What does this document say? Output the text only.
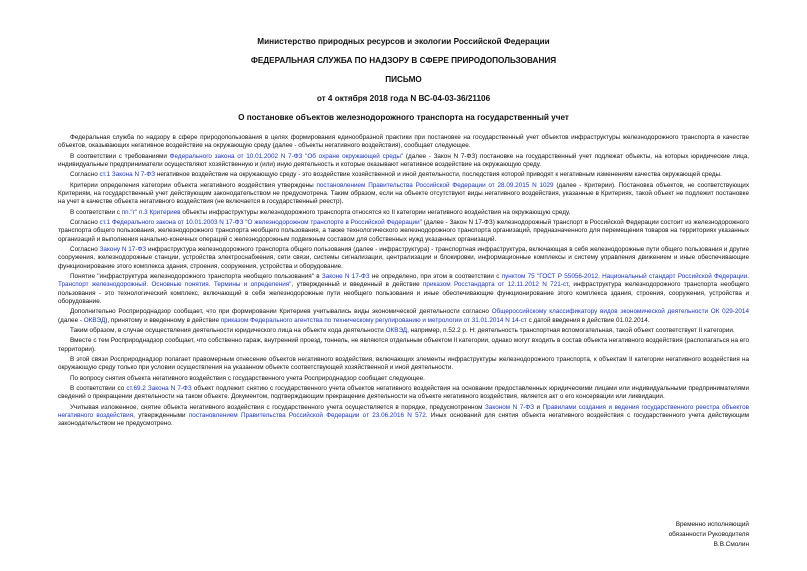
Министерство природных ресурсов и экологии Российской Федерации
ФЕДЕРАЛЬНАЯ СЛУЖБА ПО НАДЗОРУ В СФЕРЕ ПРИРОДОПОЛЬЗОВАНИЯ
ПИСЬМО
от 4 октября 2018 года N ВС-04-03-36/21106
О постановке объектов железнодорожного транспорта на государственный учет

Федеральная служба по надзору в сфере природопользования в целях формирования единообразной практики при постановке на государственный учет объектов инфраструктуры железнодорожного транспорта в качестве объектов, оказывающих негативное воздействие на окружающую среду (далее - объекты негативного воздействия), сообщает следующее.

В соответствии с требованиями Федерального закона от 10.01.2002 N 7-ФЗ "Об охране окружающей среды" (далее - Закон N 7-ФЗ) постановке на государственный учет подлежат объекты, на которых юридические лица, индивидуальные предприниматели осуществляют хозяйственную и (или) иную деятельность и которые оказывают негативное воздействие на окружающую среду.

Согласно ст.1 Закона N 7-ФЗ негативное воздействие на окружающую среду - это воздействие хозяйственной и иной деятельности, последствия которой приводят к негативным изменениям качества окружающей среды.

Критерии определения категории объекта негативного воздействия утверждены постановлением Правительства Российской Федерации от 28.09.2015 N 1029 (далее - Критерии). Постановка объектов, не соответствующих Критериям, на государственный учет действующим законодательством не предусмотрена. Таким образом, если на объекте отсутствуют виды негативного воздействия, указанные в Критериях, такой объект не подлежит постановке на учет в качестве объекта негативного воздействия (не включается в государственный реестр).

В соответствии с пп."г" п.3 Критериев объекты инфраструктуры железнодорожного транспорта относятся ко II категории негативного воздействия на окружающую среду.

Согласно ст.1 Федерального закона от 10.01.2003 N 17-ФЗ "О железнодорожном транспорте в Российской Федерации" (далее - Закон N 17-ФЗ) железнодорожный транспорт в Российской Федерации состоит из железнодорожного транспорта общего пользования, железнодорожного транспорта необщего пользования, а также технологического железнодорожного транспорта организаций, предназначенного для перемещения товаров на территориях указанных организаций и выполнения начально-конечных операций с железнодорожным подвижным составом для собственных нужд указанных организаций.

Согласно Закону N 17-ФЗ инфраструктура железнодорожного транспорта общего пользования (далее - инфраструктура) - транспортная инфраструктура, включающая в себя железнодорожные пути общего пользования и другие сооружения, железнодорожные станции, устройства электроснабжения, сети связи, системы сигнализации, централизации и блокировки, информационные комплексы и систему управления движением и иные обеспечивающие функционирование этого комплекса здания, строения, сооружения, устройства и оборудование.

Понятие "инфраструктура железнодорожного транспорта необщего пользования" в Законе N 17-ФЗ не определено, при этом в соответствии с пунктом 75 "ГОСТ Р 55056-2012. Национальный стандарт Российской Федерации. Транспорт железнодорожный. Основные понятия. Термины и определения", утвержденный и введенный в действие приказом Росстандарта от 12.11.2012 N 721-ст, инфраструктура железнодорожного транспорта необщего пользования - это технологический комплекс, включающий в себя железнодорожные пути необщего пользования и иные обеспечивающие функционирование этого комплекса здания, строения, сооружения, устройства и оборудование.

Дополнительно Росприроднадзор сообщает, что при формировании Критериев учитывались виды экономической деятельности согласно Общероссийскому классификатору видов экономической деятельности ОК 029-2014 (далее - ОКВЭД), принятому и введенному в действие приказом Федерального агентства по техническому регулированию и метрологии от 31.01.2014 N 14-ст с датой введения в действие 01.02.2014.

Таким образом, в случае осуществления деятельности юридического лица на объекте кода деятельности ОКВЭД, например, п.52.2 р. Н: деятельность транспортная вспомогательная, такой объект соответствует II категории.

Вместе с тем Росприроднадзор сообщает, что собственно гараж, внутренний проезд, тоннель, не являются отдельным объектом II категории, однако могут входить в состав объекта негативного воздействия (располагаться на его территории).

В этой связи Росприроднадзор полагает правомерным отнесение объектов негативного воздействия, включающих элементы инфраструктуры железнодорожного транспорта, к объектам II категории негативного воздействия на окружающую среду только при условии осуществления на указанном объекте соответствующей хозяйственной и иной деятельности.

По вопросу снятия объекта негативного воздействия с государственного учета Росприроднадзор сообщает следующее.

В соответствии со ст.69.2 Закона N 7-ФЗ объект подлежит снятию с государственного учета объектов негативного воздействия на основании предоставленных юридическими лицами или индивидуальными предпринимателями сведений о прекращении деятельности на таком объекте. Документом, подтверждающим прекращение деятельности на объекте негативного воздействия, является акт о его консервации или ликвидации.

Учитывая изложенное, снятие объекта негативного воздействия с государственного учета осуществляется в порядке, предусмотренном Законом N 7-ФЗ и Правилами создания и ведения государственного реестра объектов негативного воздействия, утвержденными постановлением Правительства Российской Федерации от 23.06.2016 N 572. Иных оснований для снятия объекта негативного воздействия с государственного учета действующим законодательством не предусмотрено.

Временно исполняющий
обязанности Руководителя
В.В.Смолин
